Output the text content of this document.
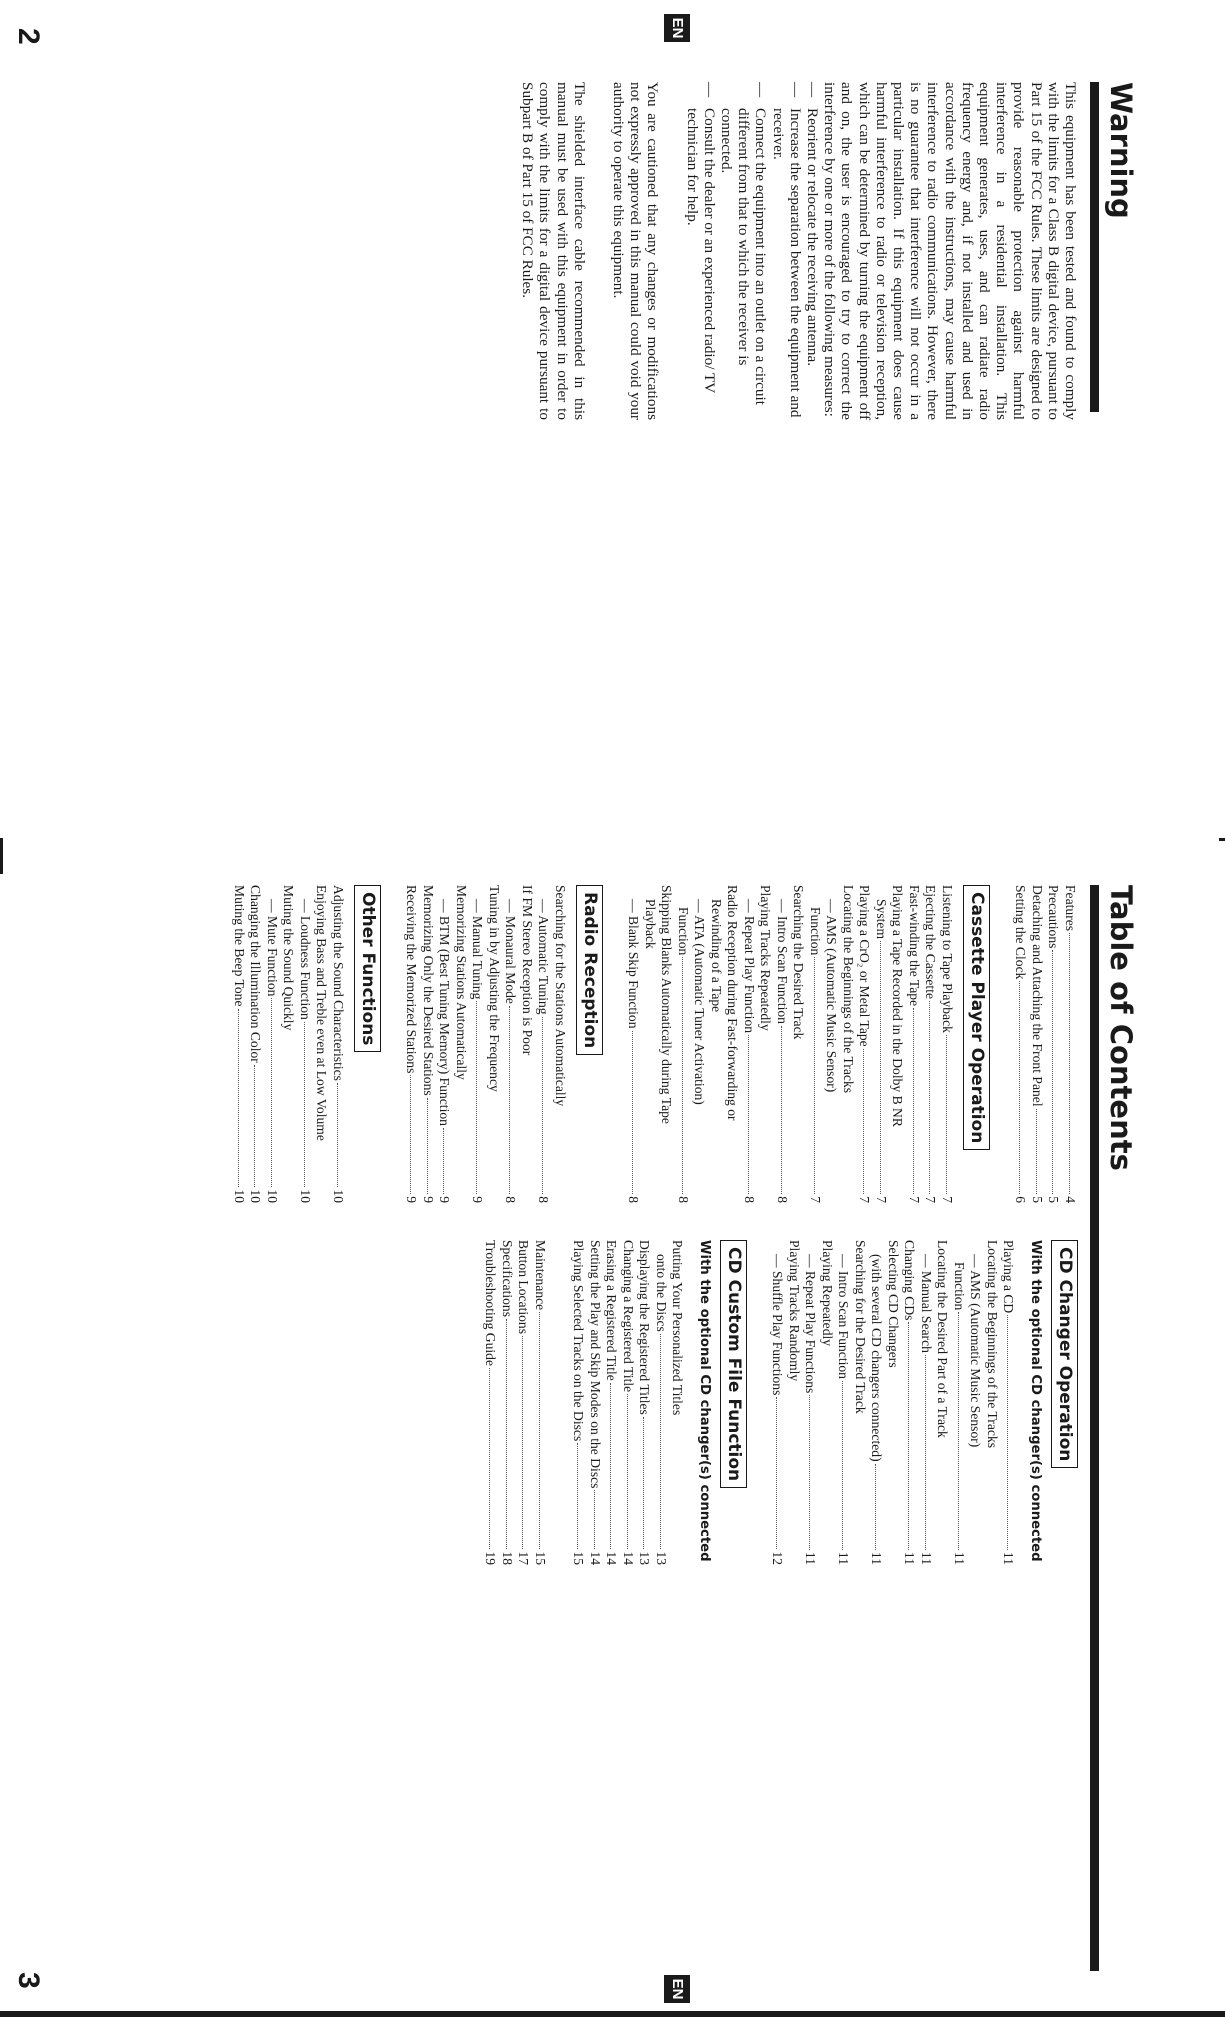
2	EN
Warning

This equipment has been tested and found to comply with the limits for a Class B digital device, pursuant to Part 15 of the FCC Rules. These limits are designed to provide reasonable protection against harmful interference in a residential installation. This equipment generates, uses, and can radiate radio frequency energy and, if not installed and used in accordance with the instructions, may cause harmful interference to radio communications. However, there is no guarantee that interference will not occur in a particular installation. If this equipment does cause harmful interference to radio or television reception, which can be determined by turning the equipment off and on, the user is encouraged to try to correct the interference by one or more of the following measures:

— Reorient or relocate the receiving antenna.
— Increase the separation between the equipment and receiver.
— Connect the equipment into an outlet on a circuit different from that to which the receiver is connected.
— Consult the dealer or an experienced radio/ TV technician for help.

You are cautioned that any changes or modifications not expressly approved in this manual could void your authority to operate this equipment.

The shielded interface cable recommended in this manual must be used with this equipment in order to comply with the limits for a digital device pursuant to Subpart B of Part 15 of FCC Rules.

Table of Contents
EN
3
Features
4
Precautions
5
Detaching and Attaching the Front Panel
5
Setting the Clock
6
Cassette Player Operation
Listening to Tape Playback
7
Ejecting the Cassette
7
Fast-winding the Tape
7
Playing a Tape Recorded in the Dolby B NR
System
7
Playing a CrO₂ or Metal Tape
7
Locating the Beginnings of the Tracks
— AMS (Automatic Music Sensor)
Function
7
Searching the Desired Track
— Intro Scan Function
8
Playing Tracks Repeatedly
— Repeat Play Function
8
Radio Reception during Fast-forwarding or
Rewinding of a Tape
— ATA (Automatic Tuner Activation)
Function
8
Skipping Blanks Automatically during Tape
Playback
— Blank Skip Function
8
Radio Reception
Searching for the Stations Automatically
— Automatic Tuning
8
If FM Stereo Reception is Poor
— Monaural Mode
8
Tuning in by Adjusting the Frequency
— Manual Tuning
9
Memorizing Stations Automatically
— BTM (Best Tuning Memory) Function
9
Memorizing Only the Desired Stations
9
Receiving the Memorized Stations
9
Other Functions
Adjusting the Sound Characteristics
10
Enjoying Bass and Treble even at Low Volume
— Loudness Function
10
Muting the Sound Quickly
— Mute Function
10
Changing the Illumination Color
10
Muting the Beep Tone
10
CD Changer Operation
With the optional CD changer(s) connected
Playing a CD
11
Locating the Beginnings of the Tracks
— AMS (Automatic Music Sensor)
Function
11
Locating the Desired Part of a Track
— Manual Search
11
Changing CDs
11
Selecting CD Changers
(with several CD changers connected)
11
Searching for the Desired Track
— Intro Scan Function
11
Playing Repeatedly
— Repeat Play Functions
11
Playing Tracks Randomly
— Shuffle Play Functions
12
CD Custom File Function
With the optional CD changer(s) connected
Putting Your Personalized Titles
onto the Discs
13
Displaying the Registered Titles
13
Changing a Registered Title
14
Erasing a Registered Title
14
Setting the Play and Skip Modes on the Discs
14
Playing Selected Tracks on the Discs
15
Maintenance
15
Button Locations
17
Specifications
18
Troubleshooting Guide
19
